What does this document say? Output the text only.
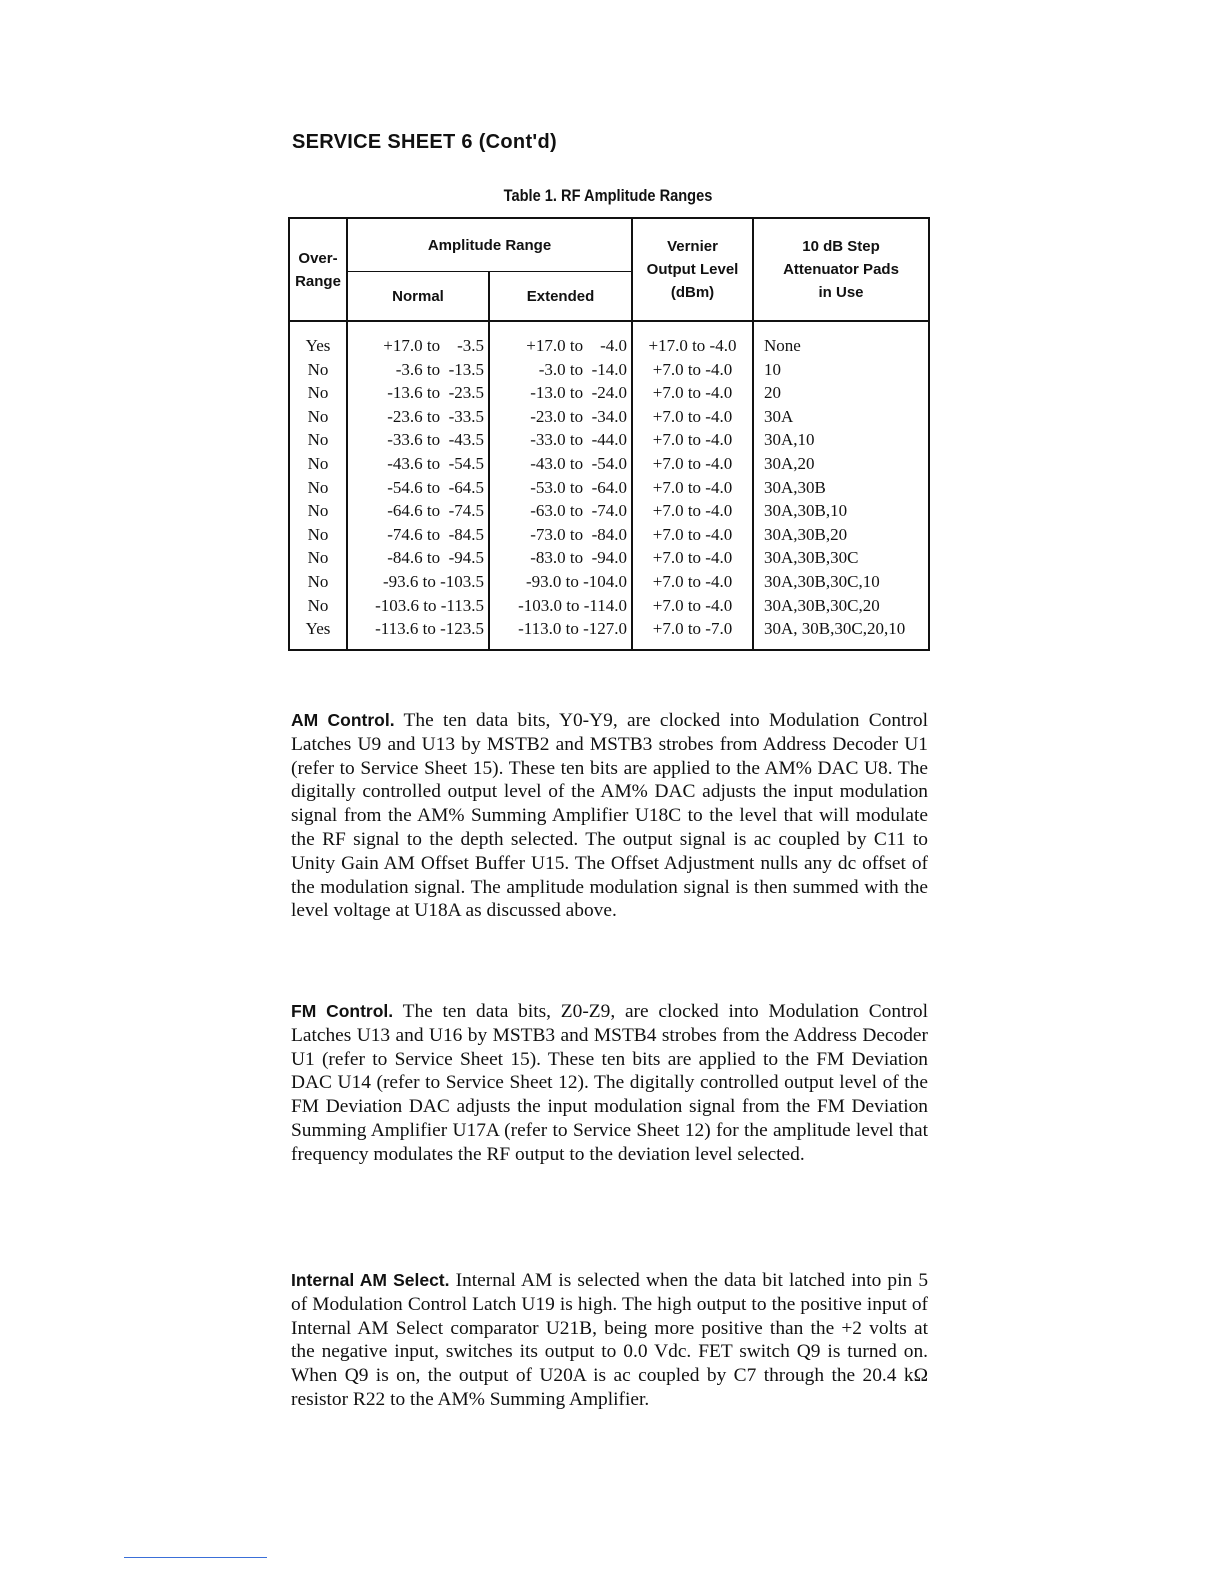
SERVICE SHEET 6 (Cont'd)
Table 1. RF Amplitude Ranges
Over-Range	Amplitude Range		Vernier Output Level (dBm)	10 dB Step Attenuator Pads in Use
	Normal	Extended		
Yes	+17.0 to    -3.5	+17.0 to    -4.0	+17.0 to -4.0	None
No	-3.6 to  -13.5	-3.0 to  -14.0	+7.0 to -4.0	10
No	-13.6 to  -23.5	-13.0 to  -24.0	+7.0 to -4.0	20
No	-23.6 to  -33.5	-23.0 to  -34.0	+7.0 to -4.0	30A
No	-33.6 to  -43.5	-33.0 to  -44.0	+7.0 to -4.0	30A,10
No	-43.6 to  -54.5	-43.0 to  -54.0	+7.0 to -4.0	30A,20
No	-54.6 to  -64.5	-53.0 to  -64.0	+7.0 to -4.0	30A,30B
No	-64.6 to  -74.5	-63.0 to  -74.0	+7.0 to -4.0	30A,30B,10
No	-74.6 to  -84.5	-73.0 to  -84.0	+7.0 to -4.0	30A,30B,20
No	-84.6 to  -94.5	-83.0 to  -94.0	+7.0 to -4.0	30A,30B,30C
No	-93.6 to -103.5	-93.0 to -104.0	+7.0 to -4.0	30A,30B,30C,10
No	-103.6 to -113.5	-103.0 to -114.0	+7.0 to -4.0	30A,30B,30C,20
Yes	-113.6 to -123.5	-113.0 to -127.0	+7.0 to -7.0	30A, 30B,30C,20,10
AM Control. The ten data bits, Y0-Y9, are clocked into Modulation Control Latches U9 and U13 by MSTB2 and MSTB3 strobes from Address Decoder U1 (refer to Service Sheet 15). These ten bits are applied to the AM% DAC U8. The digitally controlled output level of the AM% DAC adjusts the input modulation signal from the AM% Summing Amplifier U18C to the level that will modulate the RF signal to the depth selected. The output signal is ac coupled by C11 to Unity Gain AM Offset Buffer U15. The Offset Adjustment nulls any dc offset of the modulation signal. The amplitude modulation signal is then summed with the level voltage at U18A as discussed above.
FM Control. The ten data bits, Z0-Z9, are clocked into Modulation Control Latches U13 and U16 by MSTB3 and MSTB4 strobes from the Address Decoder U1 (refer to Service Sheet 15). These ten bits are applied to the FM Deviation DAC U14 (refer to Service Sheet 12). The digitally controlled output level of the FM Deviation DAC adjusts the input modulation signal from the FM Deviation Summing Amplifier U17A (refer to Service Sheet 12) for the amplitude level that frequency modulates the RF output to the deviation level selected.
Internal AM Select. Internal AM is selected when the data bit latched into pin 5 of Modulation Control Latch U19 is high. The high output to the positive input of Internal AM Select comparator U21B, being more positive than the +2 volts at the negative input, switches its output to 0.0 Vdc. FET switch Q9 is turned on. When Q9 is on, the output of U20A is ac coupled by C7 through the 20.4 kΩ resistor R22 to the AM% Summing Amplifier.
